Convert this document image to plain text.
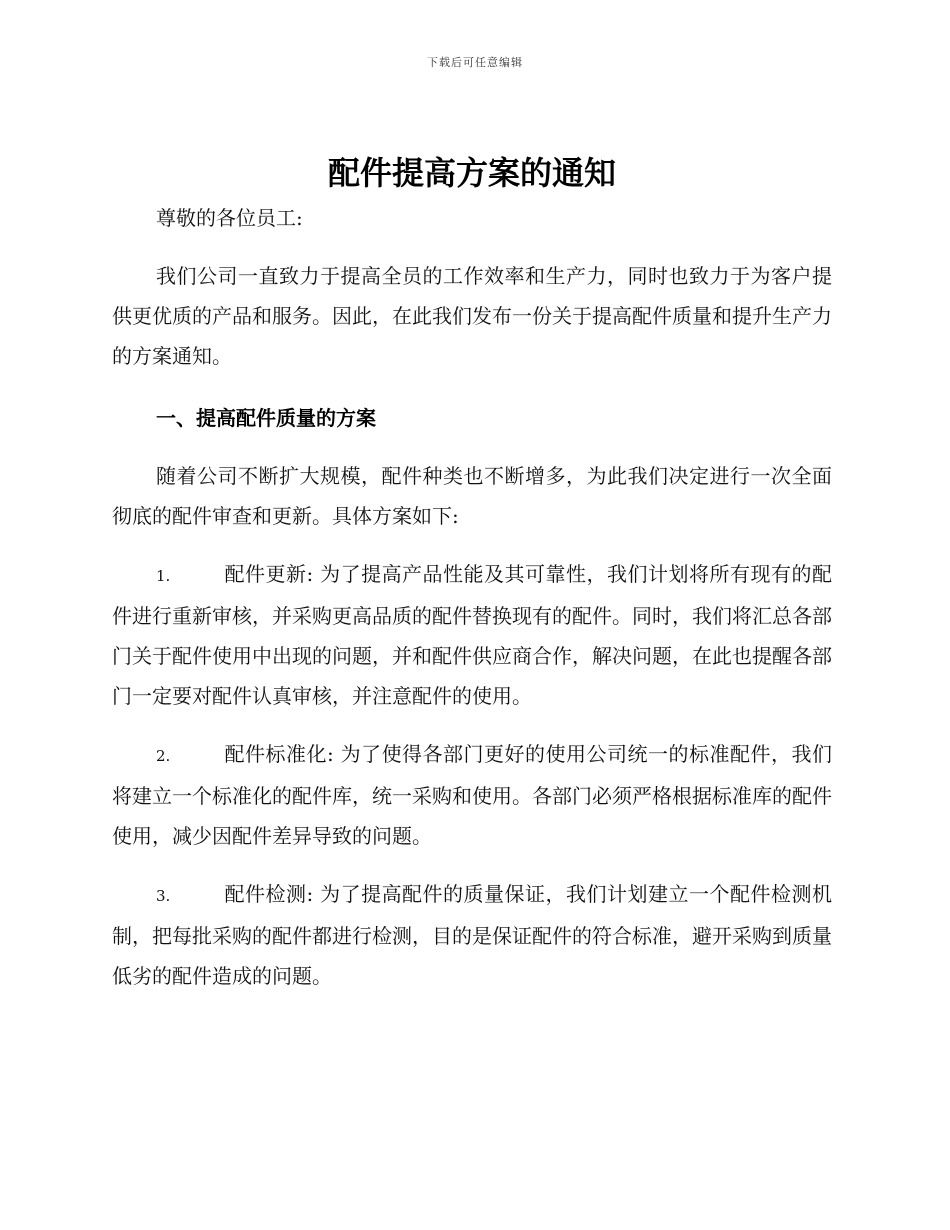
下载后可任意编辑
配件提高方案的通知

尊敬的各位员工:

我们公司一直致力于提高全员的工作效率和生产力，同时也致力于为客户提供更优质的产品和服务。因此，在此我们发布一份关于提高配件质量和提升生产力的方案通知。

一、提高配件质量的方案

随着公司不断扩大规模，配件种类也不断增多，为此我们决定进行一次全面彻底的配件审查和更新。具体方案如下:

1.	配件更新: 为了提高产品性能及其可靠性，我们计划将所有现有的配件进行重新审核，并采购更高品质的配件替换现有的配件。同时，我们将汇总各部门关于配件使用中出现的问题，并和配件供应商合作，解决问题，在此也提醒各部门一定要对配件认真审核，并注意配件的使用。

2.	配件标准化: 为了使得各部门更好的使用公司统一的标准配件，我们将建立一个标准化的配件库，统一采购和使用。各部门必须严格根据标准库的配件使用，减少因配件差异导致的问题。

3.	配件检测: 为了提高配件的质量保证，我们计划建立一个配件检测机制，把每批采购的配件都进行检测，目的是保证配件的符合标准，避开采购到质量低劣的配件造成的问题。
